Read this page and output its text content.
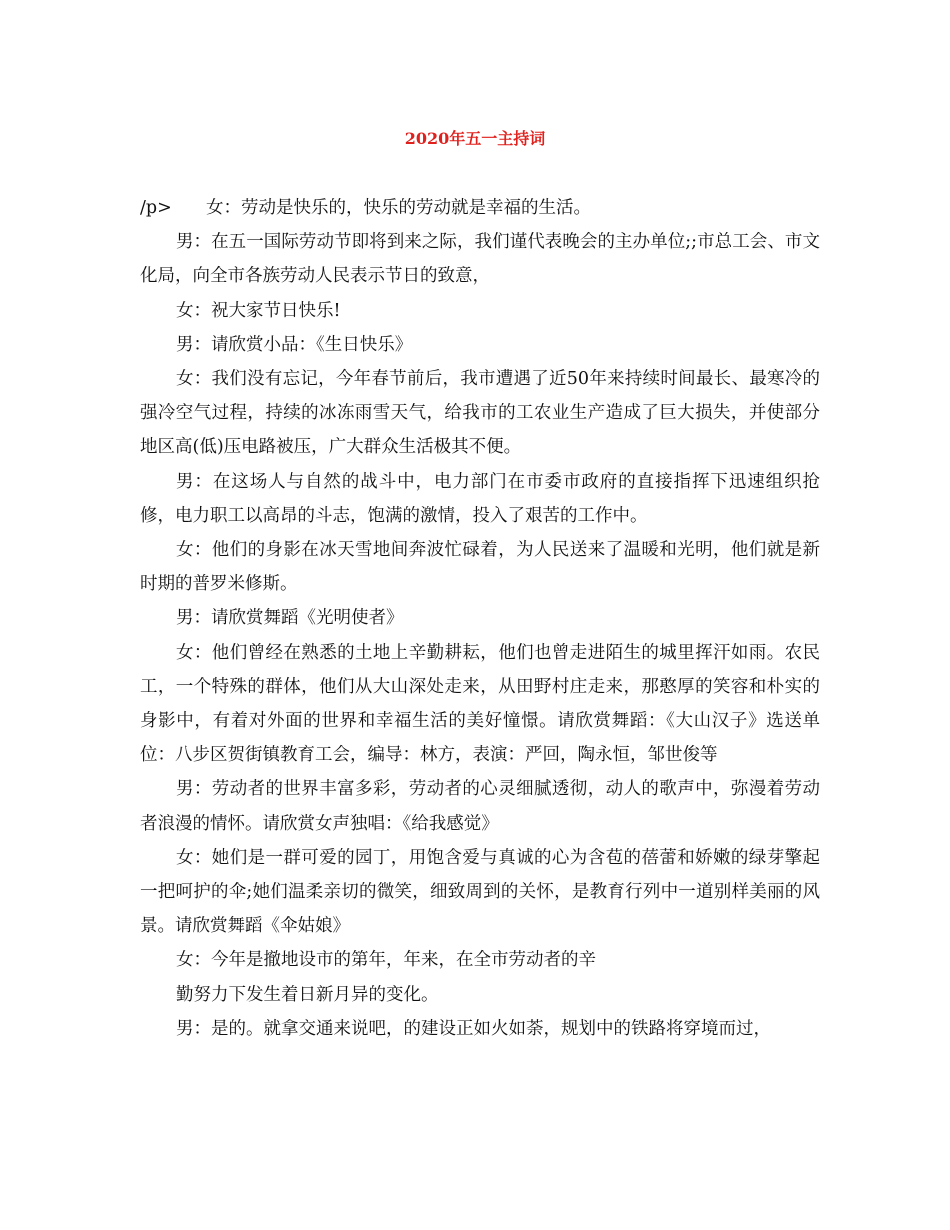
2020年五一主持词

/p> 女：劳动是快乐的，快乐的劳动就是幸福的生活。

男：在五一国际劳动节即将到来之际，我们谨代表晚会的主办单位;;市总工会、市文化局，向全市各族劳动人民表示节日的致意，

女：祝大家节日快乐!

男：请欣赏小品：《生日快乐》

女：我们没有忘记，今年春节前后，我市遭遇了近50年来持续时间最长、最寒冷的强冷空气过程，持续的冰冻雨雪天气，给我市的工农业生产造成了巨大损失，并使部分地区高(低)压电路被压，广大群众生活极其不便。

男：在这场人与自然的战斗中，电力部门在市委市政府的直接指挥下迅速组织抢修，电力职工以高昂的斗志，饱满的激情，投入了艰苦的工作中。

女：他们的身影在冰天雪地间奔波忙碌着，为人民送来了温暖和光明，他们就是新时期的普罗米修斯。

男：请欣赏舞蹈《光明使者》

女：他们曾经在熟悉的土地上辛勤耕耘，他们也曾走进陌生的城里挥汗如雨。农民工，一个特殊的群体，他们从大山深处走来，从田野村庄走来，那憨厚的笑容和朴实的身影中，有着对外面的世界和幸福生活的美好憧憬。请欣赏舞蹈：《大山汉子》选送单位：八步区贺街镇教育工会，编导：林方，表演：严回，陶永恒，邹世俊等

男：劳动者的世界丰富多彩，劳动者的心灵细腻透彻，动人的歌声中，弥漫着劳动者浪漫的情怀。请欣赏女声独唱：《给我感觉》

女：她们是一群可爱的园丁，用饱含爱与真诚的心为含苞的蓓蕾和娇嫩的绿芽擎起一把呵护的伞;她们温柔亲切的微笑，细致周到的关怀，是教育行列中一道别样美丽的风景。请欣赏舞蹈《伞姑娘》

女：今年是撤地设市的第年，年来，在全市劳动者的辛

勤努力下发生着日新月异的变化。

男：是的。就拿交通来说吧，的建设正如火如荼，规划中的铁路将穿境而过，
